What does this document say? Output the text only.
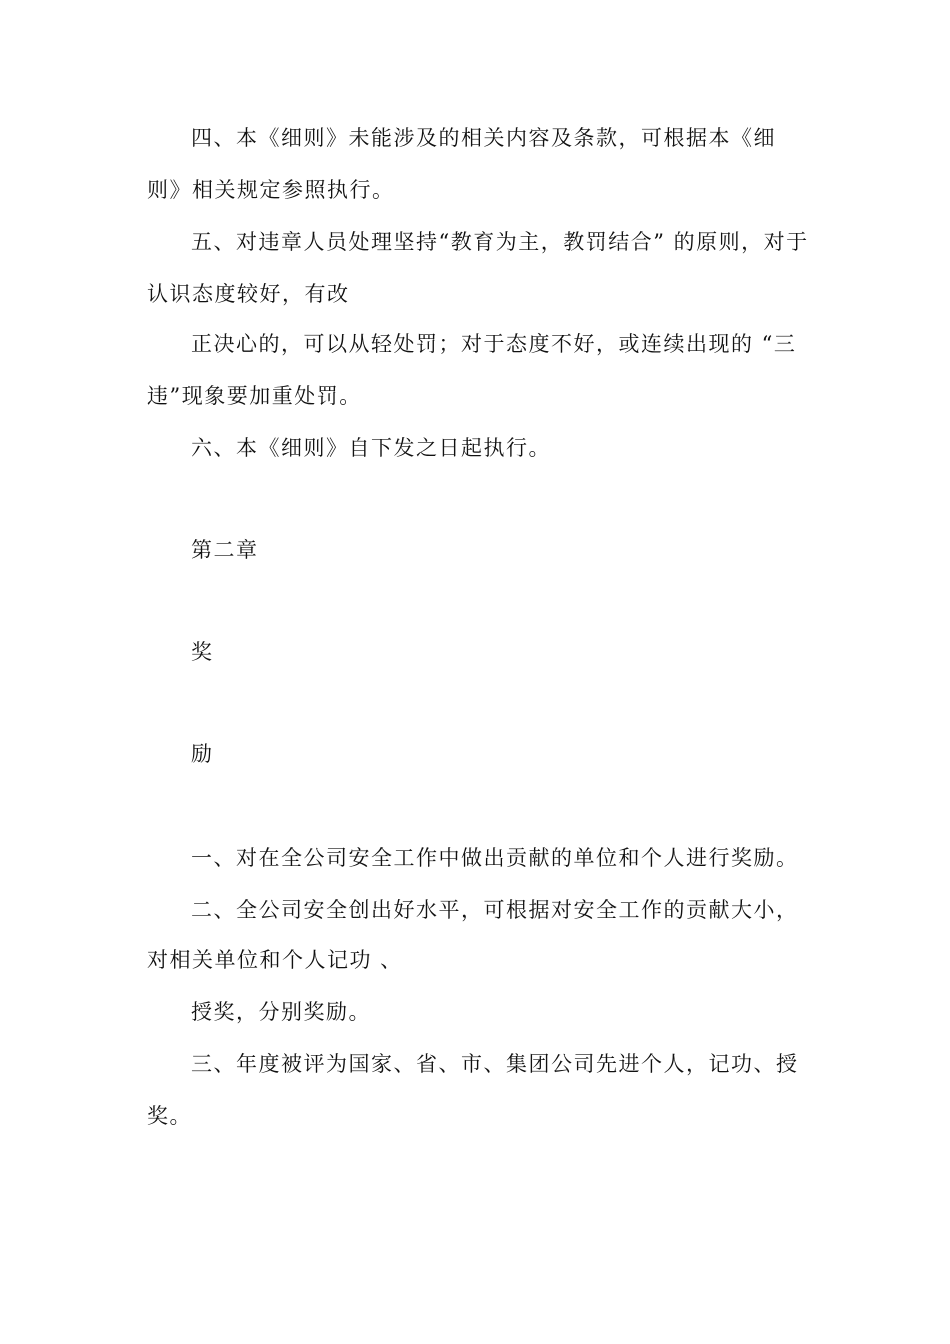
四、本《细则》未能涉及的相关内容及条款，可根据本《细
则》相关规定参照执行。
五、对违章人员处理坚持“教育为主，教罚结合” 的原则，对于
认识态度较好，有改
正决心的，可以从轻处罚；对于态度不好，或连续出现的 “三
违”现象要加重处罚。
六、本《细则》自下发之日起执行。
第二章
奖
励
一、对在全公司安全工作中做出贡献的单位和个人进行奖励。
二、全公司安全创出好水平，可根据对安全工作的贡献大小，
对相关单位和个人记功 、
授奖，分别奖励。
三、年度被评为国家、省、市、集团公司先进个人，记功、授
奖。
